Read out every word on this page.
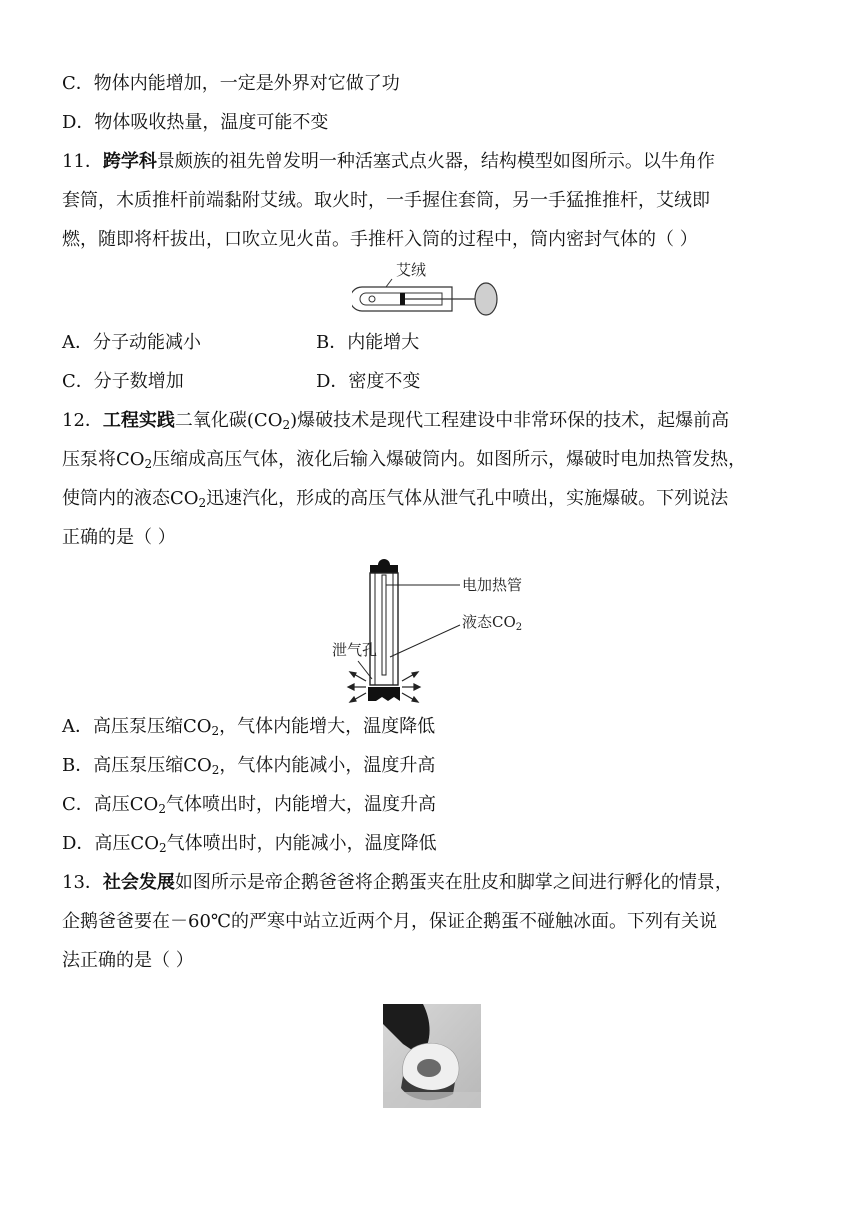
C．物体内能增加，一定是外界对它做了功
D．物体吸收热量，温度可能不变
11．跨学科景颇族的祖先曾发明一种活塞式点火器，结构模型如图所示。以牛角作
套筒，木质推杆前端黏附艾绒。取火时，一手握住套筒，另一手猛推推杆，艾绒即
燃，随即将杆拔出，口吹立见火苗。手推杆入筒的过程中，筒内密封气体的（ ）
艾绒
A．分子动能减小	B．内能增大
C．分子数增加	D．密度不变
12．工程实践二氧化碳$(CO_2)$爆破技术是现代工程建设中非常环保的技术，起爆前高
压泵将$CO_2$压缩成高压气体，液化后输入爆破筒内。如图所示，爆破时电加热管发热，
使筒内的液态$CO_2$迅速汽化，形成的高压气体从泄气孔中喷出，实施爆破。下列说法
正确的是（ ）
电加热管
液态$CO_2$
泄气孔
A．高压泵压缩$CO_2$，气体内能增大，温度降低
B．高压泵压缩$CO_2$，气体内能减小，温度升高
C．高压$CO_2$气体喷出时，内能增大，温度升高
D．高压$CO_2$气体喷出时，内能减小，温度降低
13．社会发展如图所示是帝企鹅爸爸将企鹅蛋夹在肚皮和脚掌之间进行孵化的情景，
企鹅爸爸要在－60℃的严寒中站立近两个月，保证企鹅蛋不碰触冰面。下列有关说
法正确的是（ ）
